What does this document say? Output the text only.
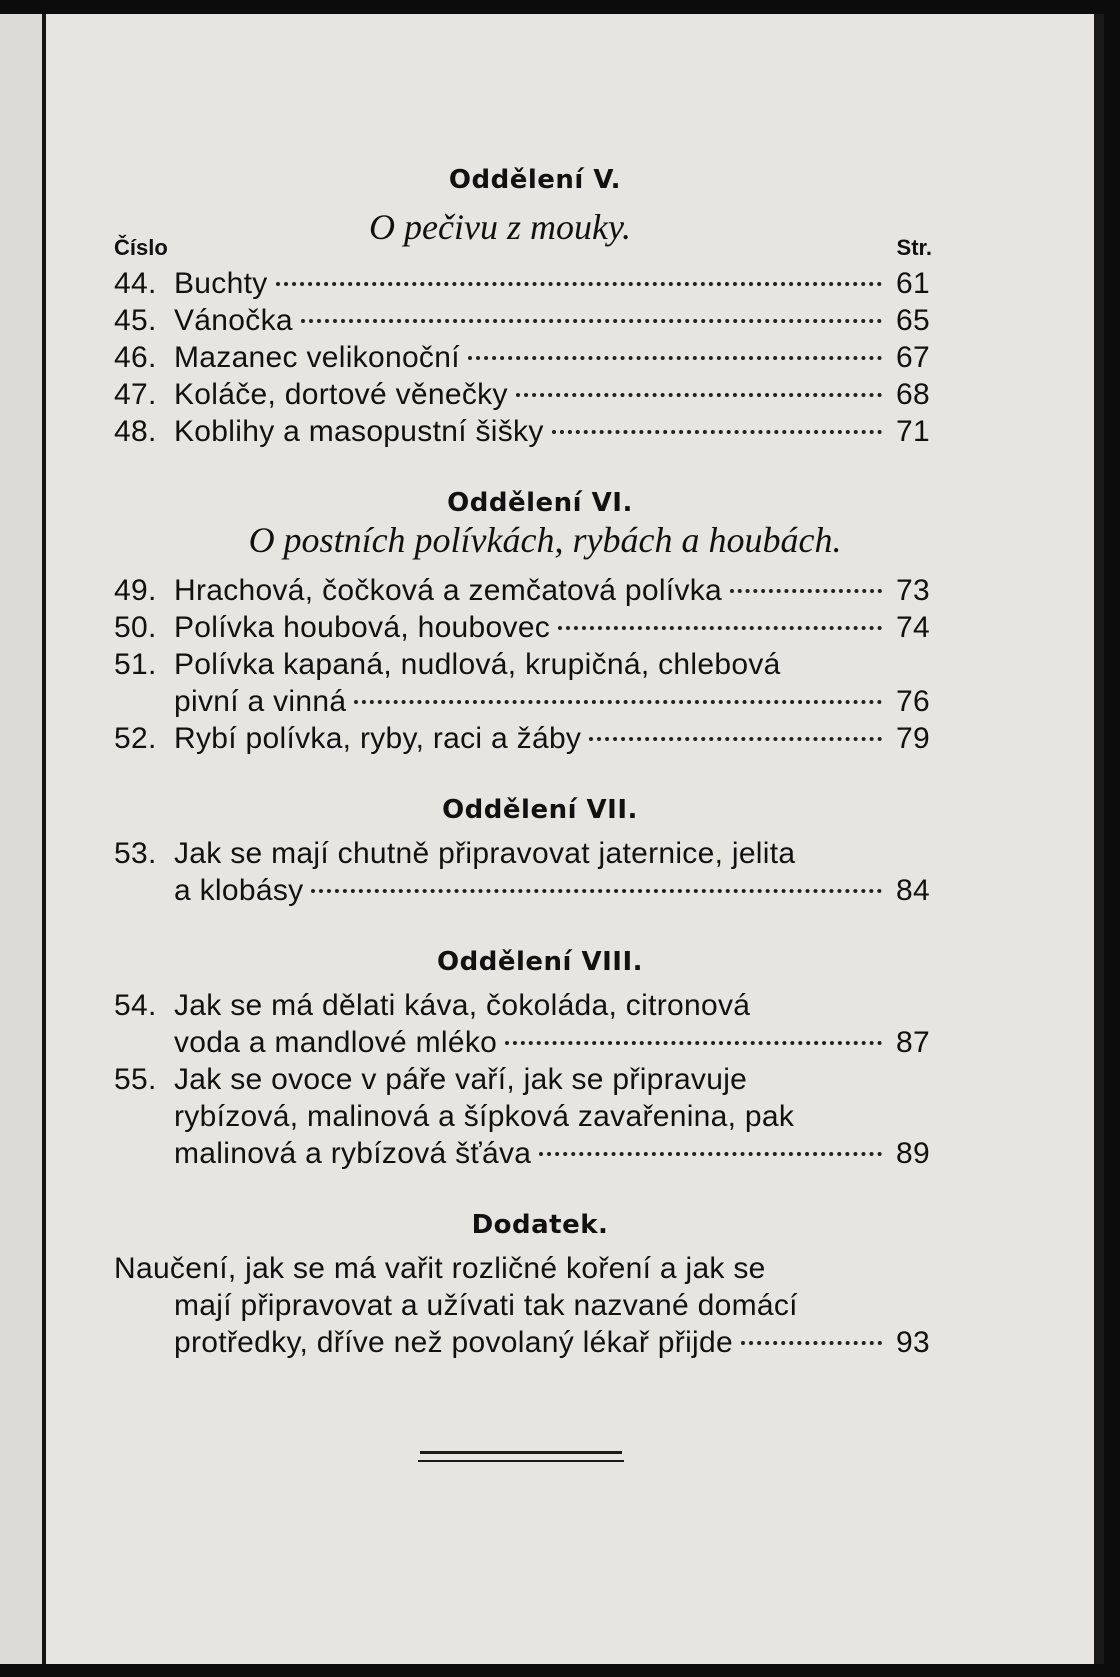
Oddělení V.
O pečivu z mouky.
Číslo	Str.
44. Buchty	61
45. Vánočka	65
46. Mazanec velikonoční	67
47. Koláče, dortové věnečky	68
48. Koblihy a masopustní šišky	71
Oddělení VI.
O postních polívkách, rybách a houbách.
49. Hrachová, čočková a zemčatová polívka	73
50. Polívka houbová, houbovec	74
51. Polívka kapaná, nudlová, krupičná, chlebová
pivní a vinná	76
52. Rybí polívka, ryby, raci a žáby	79
Oddělení VII.
53. Jak se mají chutně připravovat jaternice, jelita
a klobásy	84
Oddělení VIII.
54. Jak se má dělati káva, čokoláda, citronová
voda a mandlové mléko	87
55. Jak se ovoce v páře vaří, jak se připravuje
rybízová, malinová a šípková zavařenina, pak
malinová a rybízová šťáva	89
Dodatek.
Naučení, jak se má vařit rozličné koření a jak se
mají připravovat a užívati tak nazvané domácí
protředky, dříve než povolaný lékař přijde	93
